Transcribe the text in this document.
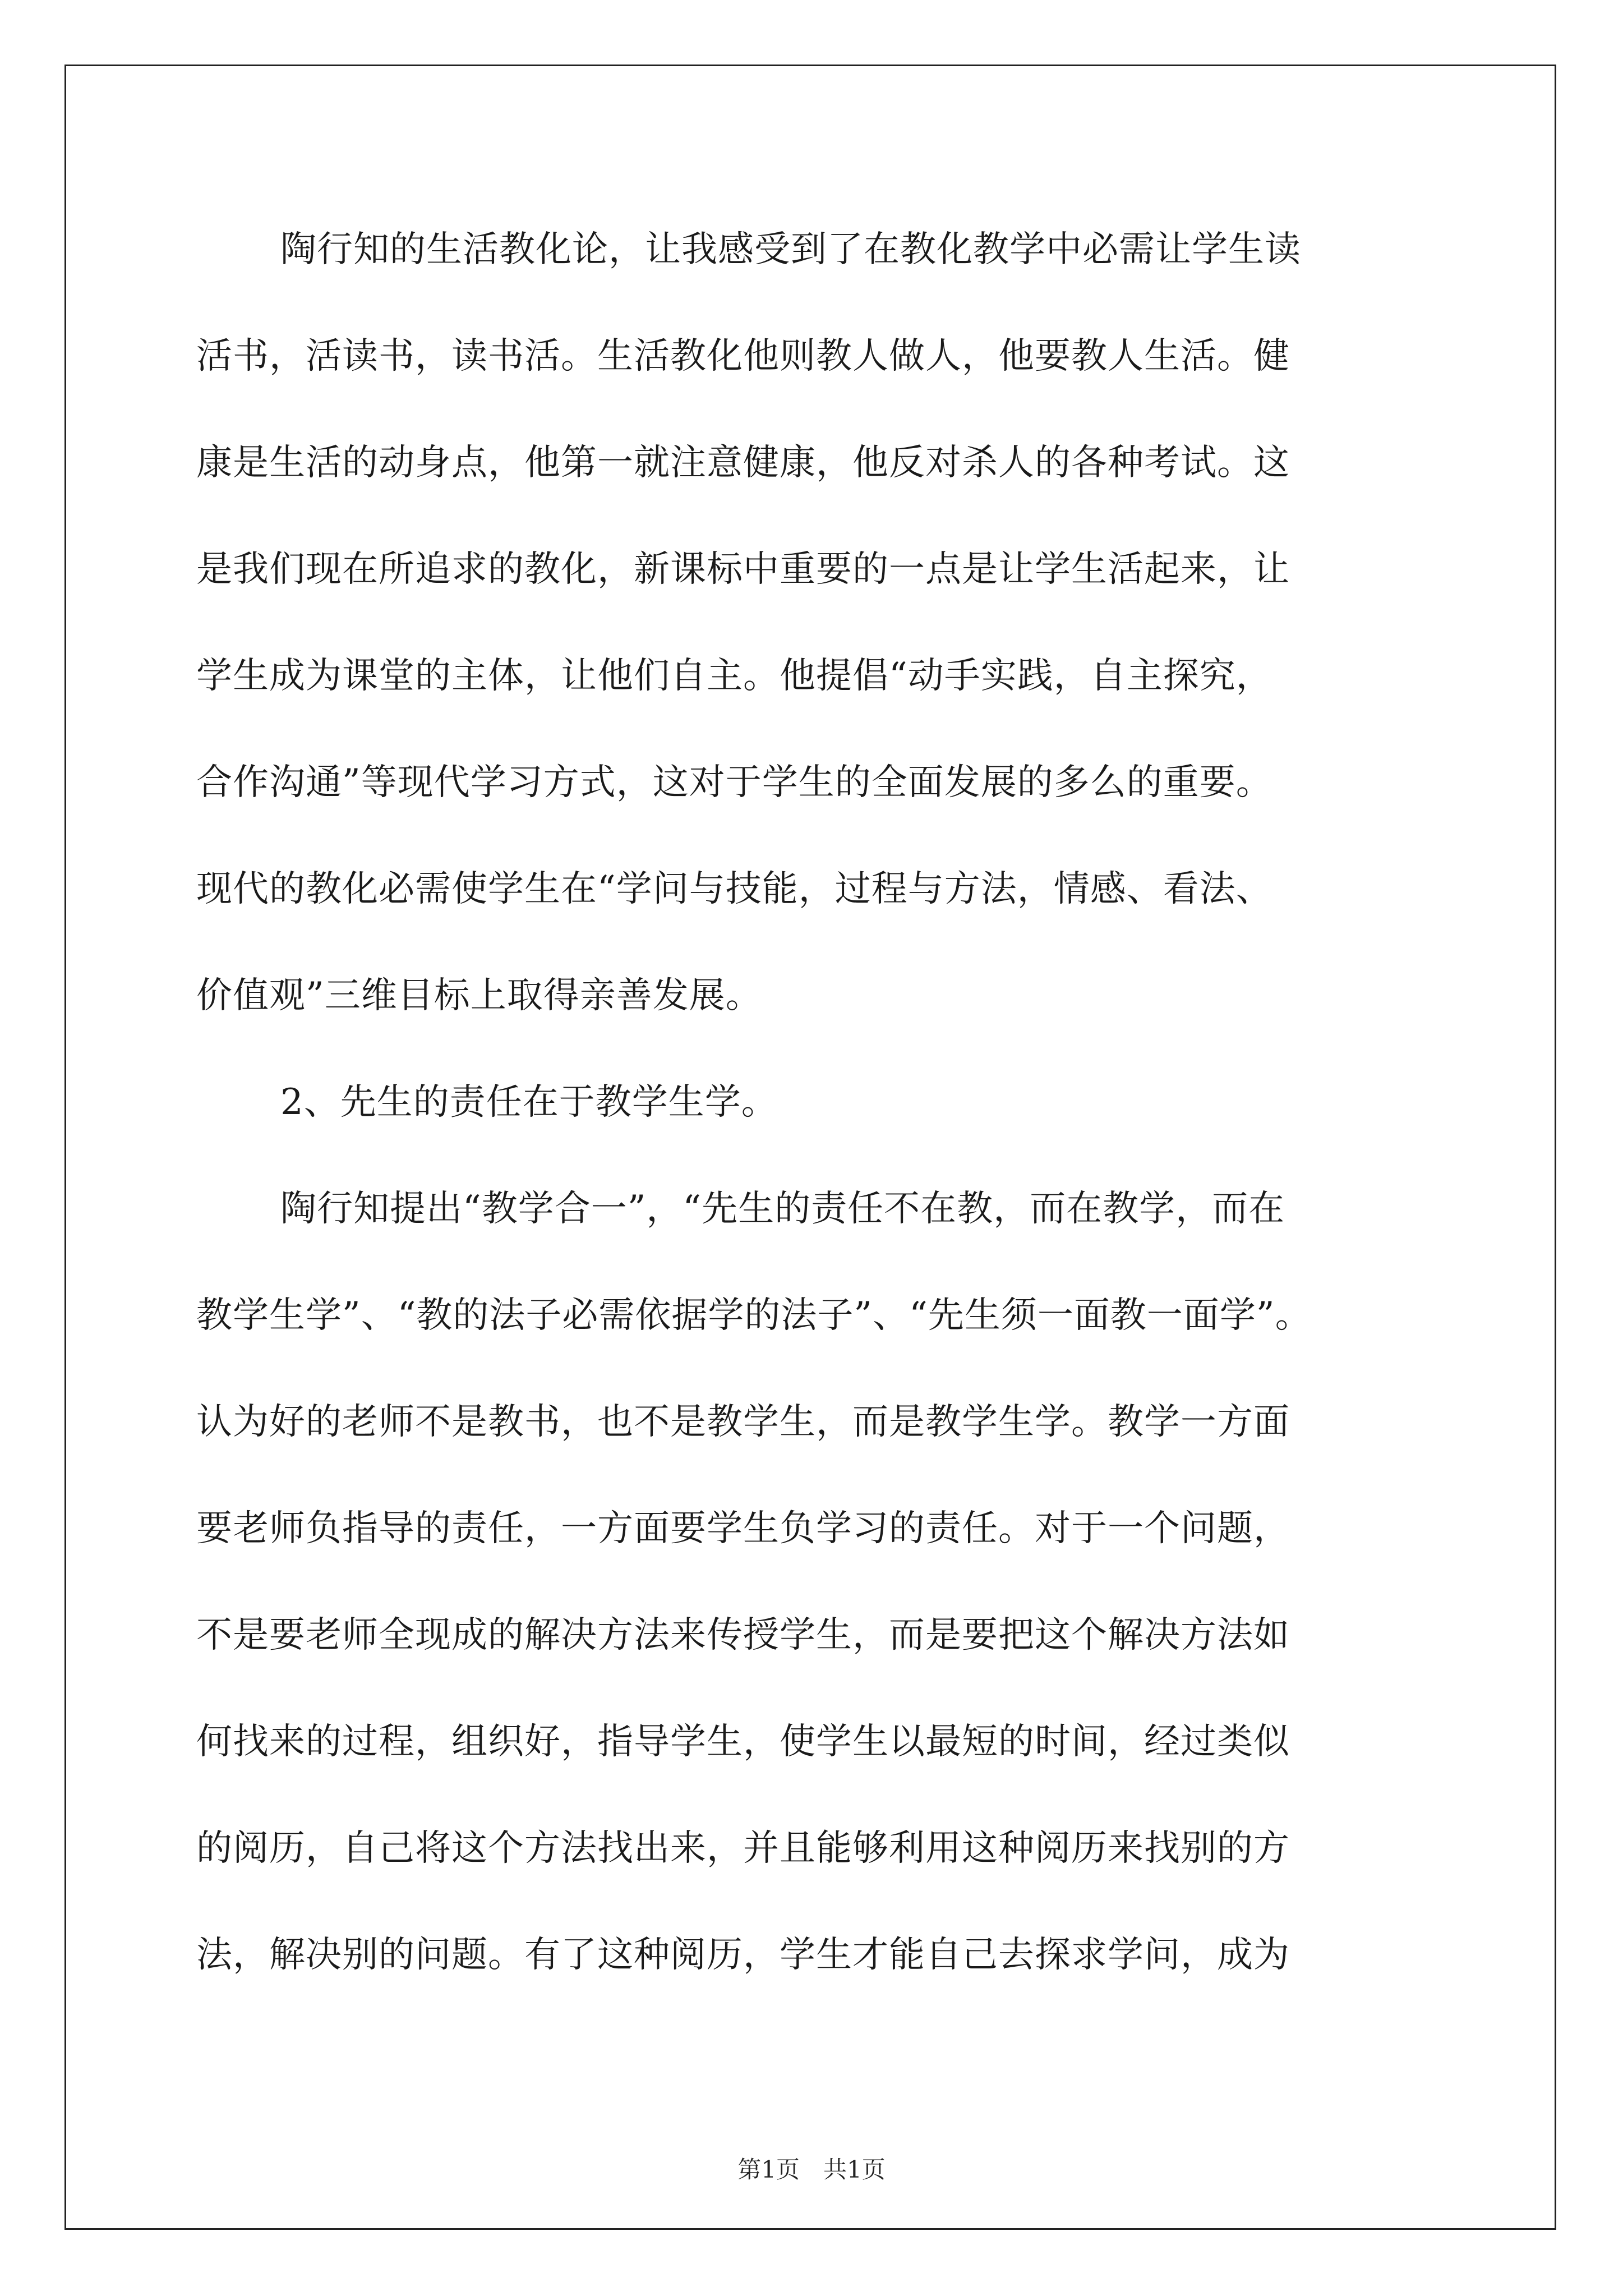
陶行知的生活教化论，让我感受到了在教化教学中必需让学生读
活书，活读书，读书活。生活教化他则教人做人，他要教人生活。健
康是生活的动身点，他第一就注意健康，他反对杀人的各种考试。这
是我们现在所追求的教化，新课标中重要的一点是让学生活起来，让
学生成为课堂的主体，让他们自主。他提倡“动手实践，自主探究，
合作沟通”等现代学习方式，这对于学生的全面发展的多么的重要。
现代的教化必需使学生在“学问与技能，过程与方法，情感、看法、
价值观”三维目标上取得亲善发展。
2、先生的责任在于教学生学。
陶行知提出“教学合一”，“先生的责任不在教，而在教学，而在
教学生学”、“教的法子必需依据学的法子”、“先生须一面教一面学”。
认为好的老师不是教书，也不是教学生，而是教学生学。教学一方面
要老师负指导的责任，一方面要学生负学习的责任。对于一个问题，
不是要老师全现成的解决方法来传授学生，而是要把这个解决方法如
何找来的过程，组织好，指导学生，使学生以最短的时间，经过类似
的阅历，自己将这个方法找出来，并且能够利用这种阅历来找别的方
法，解决别的问题。有了这种阅历，学生才能自己去探求学问，成为
第1页　共1页
